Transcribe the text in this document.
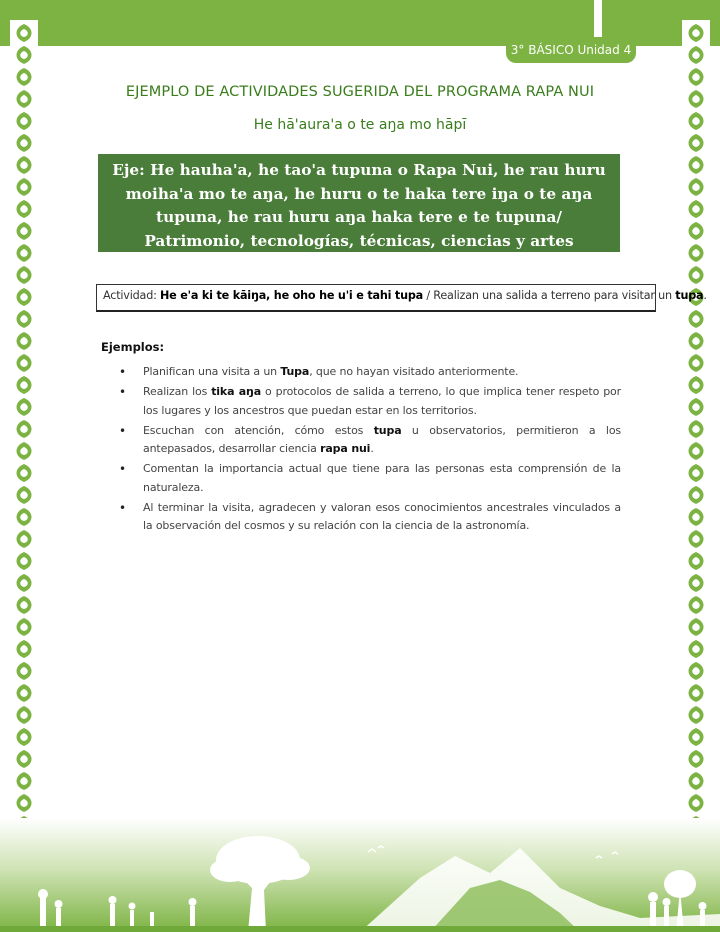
3° BÁSICO Unidad 4
EJEMPLO DE ACTIVIDADES SUGERIDA DEL PROGRAMA RAPA NUI
He hā'aura'a o te aŋa mo hāpī
Eje: He hauha'a, he tao'a tupuna o Rapa Nui, he rau huru moiha'a mo te aŋa, he huru o te haka tere iŋa o te aŋa tupuna, he rau huru aŋa haka tere e te tupuna/ Patrimonio, tecnologías, técnicas, ciencias y artes ancestrales.
Actividad: He e'a ki te kāiŋa, he oho he u'i e tahi tupa / Realizan una salida a terreno para visitar un tupa.
Ejemplos:
• Planifican una visita a un Tupa, que no hayan visitado anteriormente.
• Realizan los tika aŋa o protocolos de salida a terreno, lo que implica tener respeto por los lugares y los ancestros que puedan estar en los territorios.
• Escuchan con atención, cómo estos tupa u observatorios, permitieron a los antepasados, desarrollar ciencia rapa nui.
• Comentan la importancia actual que tiene para las personas esta comprensión de la naturaleza.
• Al terminar la visita, agradecen y valoran esos conocimientos ancestrales vinculados a la observación del cosmos y su relación con la ciencia de la astronomía.
